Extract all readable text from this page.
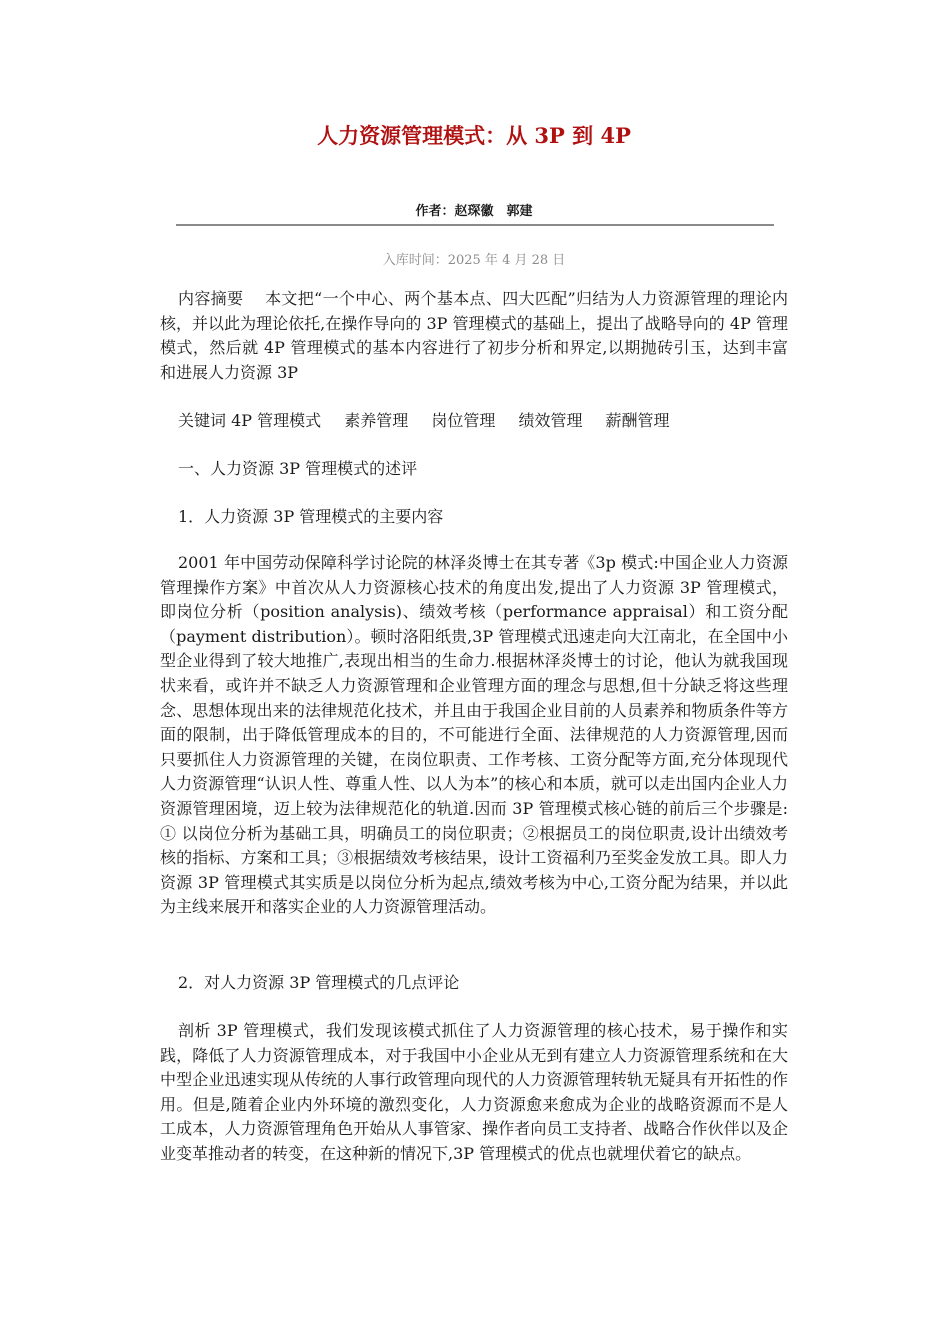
人力资源管理模式：从 3P 到 4P
作者：赵琛徽　郭建
入库时间：2025 年 4 月 28 日

内容摘要　 本文把“一个中心、两个基本点、四大匹配”归结为人力资源管理的理论内核，并以此为理论依托,在操作导向的 3P 管理模式的基础上，提出了战略导向的 4P 管理模式，然后就 4P 管理模式的基本内容进行了初步分析和界定,以期抛砖引玉，达到丰富和进展人力资源 3P

关键词 4P 管理模式 素养管理 岗位管理 绩效管理 薪酬管理

一、人力资源 3P 管理模式的述评

1．人力资源 3P 管理模式的主要内容

2001 年中国劳动保障科学讨论院的林泽炎博士在其专著《3p 模式:中国企业人力资源管理操作方案》中首次从人力资源核心技术的角度出发,提出了人力资源 3P 管理模式，即岗位分析（position analysis)、绩效考核（performance appraisal）和工资分配（payment distribution）。顿时洛阳纸贵,3P 管理模式迅速走向大江南北，在全国中小型企业得到了较大地推广,表现出相当的生命力.根据林泽炎博士的讨论，他认为就我国现状来看，或许并不缺乏人力资源管理和企业管理方面的理念与思想,但十分缺乏将这些理念、思想体现出来的法律规范化技术，并且由于我国企业目前的人员素养和物质条件等方面的限制，出于降低管理成本的目的，不可能进行全面、法律规范的人力资源管理,因而只要抓住人力资源管理的关键，在岗位职责、工作考核、工资分配等方面,充分体现现代人力资源管理“认识人性、尊重人性、以人为本”的核心和本质，就可以走出国内企业人力资源管理困境，迈上较为法律规范化的轨道.因而 3P 管理模式核心链的前后三个步骤是:① 以岗位分析为基础工具，明确员工的岗位职责；②根据员工的岗位职责,设计出绩效考核的指标、方案和工具；③根据绩效考核结果，设计工资福利乃至奖金发放工具。即人力资源 3P 管理模式其实质是以岗位分析为起点,绩效考核为中心,工资分配为结果，并以此为主线来展开和落实企业的人力资源管理活动。

2．对人力资源 3P 管理模式的几点评论

剖析 3P 管理模式，我们发现该模式抓住了人力资源管理的核心技术，易于操作和实践，降低了人力资源管理成本，对于我国中小企业从无到有建立人力资源管理系统和在大中型企业迅速实现从传统的人事行政管理向现代的人力资源管理转轨无疑具有开拓性的作用。但是,随着企业内外环境的激烈变化，人力资源愈来愈成为企业的战略资源而不是人工成本，人力资源管理角色开始从人事管家、操作者向员工支持者、战略合作伙伴以及企业变革推动者的转变，在这种新的情况下,3P 管理模式的优点也就埋伏着它的缺点。
